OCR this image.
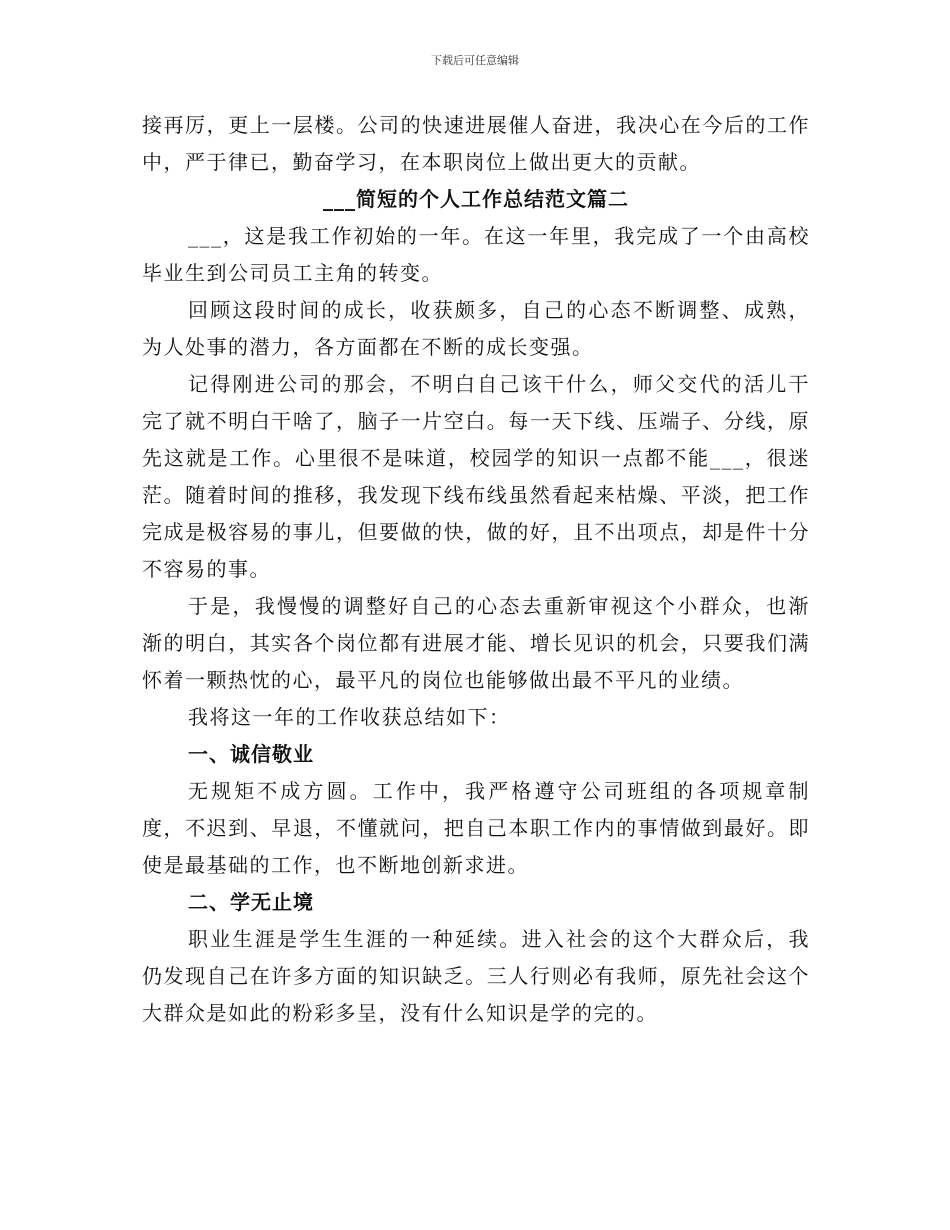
下载后可任意编辑

接再厉，更上一层楼。公司的快速进展催人奋进，我决心在今后的工作中，严于律已，勤奋学习，在本职岗位上做出更大的贡献。

___简短的个人工作总结范文篇二

___，这是我工作初始的一年。在这一年里，我完成了一个由高校毕业生到公司员工主角的转变。

回顾这段时间的成长，收获颇多，自己的心态不断调整、成熟，为人处事的潜力，各方面都在不断的成长变强。

记得刚进公司的那会，不明白自己该干什么，师父交代的活儿干完了就不明白干啥了，脑子一片空白。每一天下线、压端子、分线，原先这就是工作。心里很不是味道，校园学的知识一点都不能___，很迷茫。随着时间的推移，我发现下线布线虽然看起来枯燥、平淡，把工作完成是极容易的事儿，但要做的快，做的好，且不出项点，却是件十分不容易的事。

于是，我慢慢的调整好自己的心态去重新审视这个小群众，也渐渐的明白，其实各个岗位都有进展才能、增长见识的机会，只要我们满怀着一颗热忱的心，最平凡的岗位也能够做出最不平凡的业绩。

我将这一年的工作收获总结如下：

一、诚信敬业

无规矩不成方圆。工作中，我严格遵守公司班组的各项规章制度，不迟到、早退，不懂就问，把自己本职工作内的事情做到最好。即使是最基础的工作，也不断地创新求进。

二、学无止境

职业生涯是学生生涯的一种延续。进入社会的这个大群众后，我仍发现自己在许多方面的知识缺乏。三人行则必有我师，原先社会这个大群众是如此的粉彩多呈，没有什么知识是学的完的。
